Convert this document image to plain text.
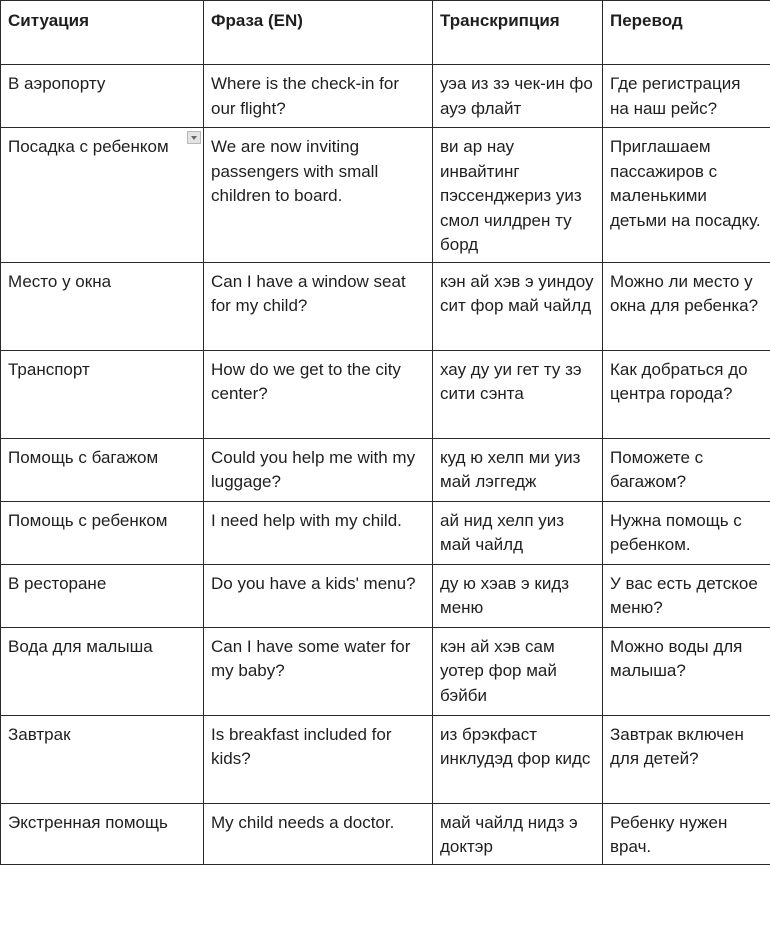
Ситуация	Фраза (EN)	Транскрипция	Перевод
В аэропорту	Where is the check-in for our flight?	уэа из зэ чек-ин фо ауэ флайт	Где регистрация на наш рейс?
Посадка с ребенком	We are now inviting passengers with small children to board.	ви ар нау инвайтинг пэссенджериз уиз смол чилдрен ту борд	Приглашаем пассажиров с маленькими детьми на посадку.
Место у окна	Can I have a window seat for my child?	кэн ай хэв э уиндоу сит фор май чайлд	Можно ли место у окна для ребенка?
Транспорт	How do we get to the city center?	хау ду уи гет ту зэ сити сэнта	Как добраться до центра города?
Помощь с багажом	Could you help me with my luggage?	куд ю хелп ми уиз май лэггедж	Поможете с багажом?
Помощь с ребенком	I need help with my child.	ай нид хелп уиз май чайлд	Нужна помощь с ребенком.
В ресторане	Do you have a kids' menu?	ду ю хэав э кидз меню	У вас есть детское меню?
Вода для малыша	Can I have some water for my baby?	кэн ай хэв сам уотер фор май бэйби	Можно воды для малыша?
Завтрак	Is breakfast included for kids?	из брэкфаст инклудэд фор кидс	Завтрак включен для детей?
Экстренная помощь	My child needs a doctor.	май чайлд нидз э доктэр	Ребенку нужен врач.
